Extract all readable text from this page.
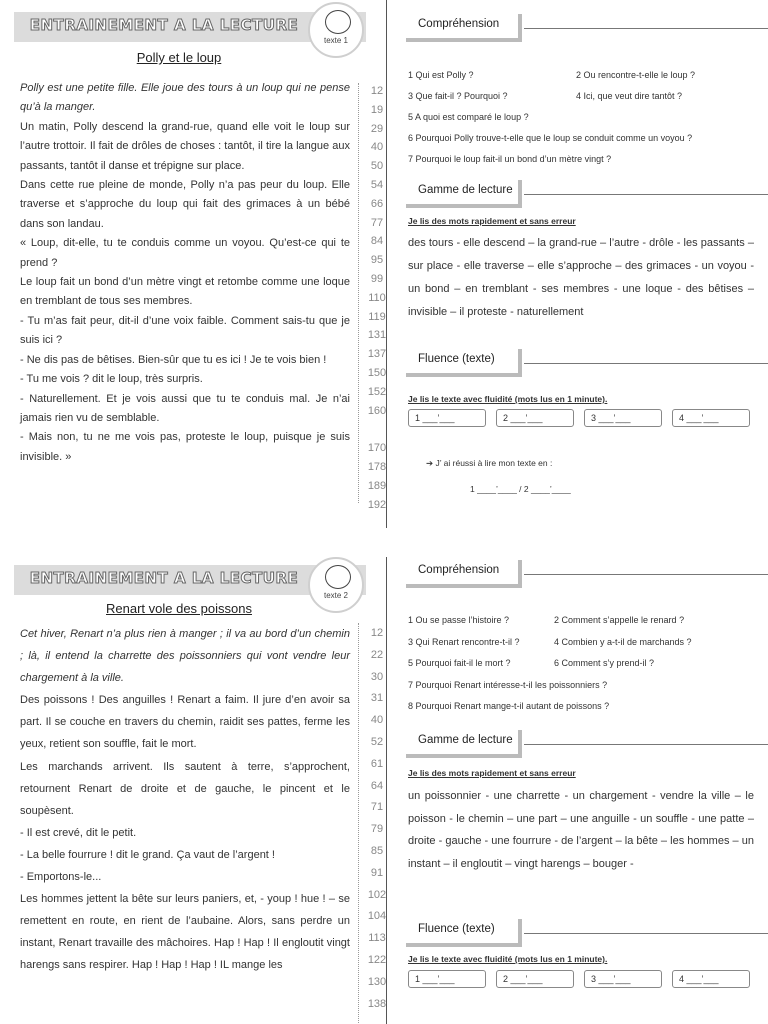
ENTRAINEMENT A LA LECTURE
texte 1
Polly et le loup

Polly est une petite fille. Elle joue des tours à un loup qui ne pense qu’à la manger.

Un matin, Polly descend la grand-rue, quand elle voit le loup sur l’autre trottoir. Il fait de drôles de choses : tantôt, il tire la langue aux passants, tantôt il danse et trépigne sur place.

Dans cette rue pleine de monde, Polly n’a pas peur du loup. Elle traverse et s’approche du loup qui fait des grimaces à un bébé dans son landau.

« Loup, dit-elle, tu te conduis comme un voyou. Qu’est-ce qui te prend ?

Le loup fait un bond d’un mètre vingt et retombe comme une loque en tremblant de tous ses membres.

- Tu m’as fait peur, dit-il d’une voix faible. Comment sais-tu que je suis ici ?

- Ne dis pas de bêtises. Bien-sûr que tu es ici ! Je te vois bien !

- Tu me vois ? dit le loup, très surpris.

- Naturellement. Et je vois aussi que tu te conduis mal. Je n’ai jamais rien vu de semblable.

- Mais non, tu ne me vois pas, proteste le loup, puisque je suis invisible. »

12
19
29
40
50
54
66
77
84
95
99
110
119
131
137
150
152
160
170
178
189
192
Compréhension
1 Qui est Polly ?	2 Ou rencontre-t-elle le loup ?
3 Que fait-il ? Pourquoi ?	4 Ici, que veut dire tantôt ?
5 A quoi est comparé le loup ?
6 Pourquoi Polly trouve-t-elle que le loup se conduit comme un voyou ?
7 Pourquoi le loup fait-il un bond d’un mètre vingt ?
Gamme de lecture
Je lis des mots rapidement et sans erreur
des tours - elle descend – la grand-rue – l’autre - drôle - les passants – sur place - elle traverse – elle s’approche – des grimaces - un voyou - un bond – en tremblant - ses membres - une loque - des bêtises – invisible – il proteste - naturellement
Fluence (texte)
Je lis le texte avec fluidité (mots lus en 1 minute).
1 ___’___	2 ___’___	3 ___’___	4 ___’___
➔ J’ ai réussi à lire mon texte en :
1 ____’____ / 2 ____’____
ENTRAINEMENT A LA LECTURE
texte 2
Renart vole des poissons

Cet hiver, Renart n’a plus rien à manger ; il va au bord d’un chemin ; là, il entend la charrette des poissonniers qui vont vendre leur chargement à la ville.

Des poissons ! Des anguilles ! Renart a faim. Il jure d’en avoir sa part. Il se couche en travers du chemin, raidit ses pattes, ferme les yeux, retient son souffle, fait le mort.

Les marchands arrivent. Ils sautent à terre, s’approchent, retournent Renart de droite et de gauche, le pincent et le soupèsent.

- Il est crevé, dit le petit.

- La belle fourrure ! dit le grand. Ça vaut de l’argent !

- Emportons-le...

Les hommes jettent la bête sur leurs paniers, et, - youp ! hue ! – se remettent en route, en rient de l’aubaine. Alors, sans perdre un instant, Renart travaille des mâchoires. Hap ! Hap ! Il engloutit vingt harengs sans respirer. Hap ! Hap ! Hap ! IL mange les

12
22
30
31
40
52
61
64
71
79
85
91
102
104
113
122
130
138
Compréhension
1 Ou se passe l’histoire ?	2 Comment s’appelle le renard ?
3 Qui Renart rencontre-t-il ?	4 Combien y a-t-il de marchands ?
5 Pourquoi fait-il le mort ?	6 Comment s’y prend-il ?
7 Pourquoi Renart intéresse-t-il les poissonniers ?
8 Pourquoi Renart mange-t-il autant de poissons ?
Gamme de lecture
Je lis des mots rapidement et sans erreur
un poissonnier - une charrette - un chargement - vendre la ville – le poisson - le chemin – une part – une anguille - un souffle - une patte – droite - gauche - une fourrure - de l’argent – la bête – les hommes – un instant – il engloutit – vingt harengs – bouger -
Fluence (texte)
Je lis le texte avec fluidité (mots lus en 1 minute).
1 ___’___	2 ___’___	3 ___’___	4 ___’___
